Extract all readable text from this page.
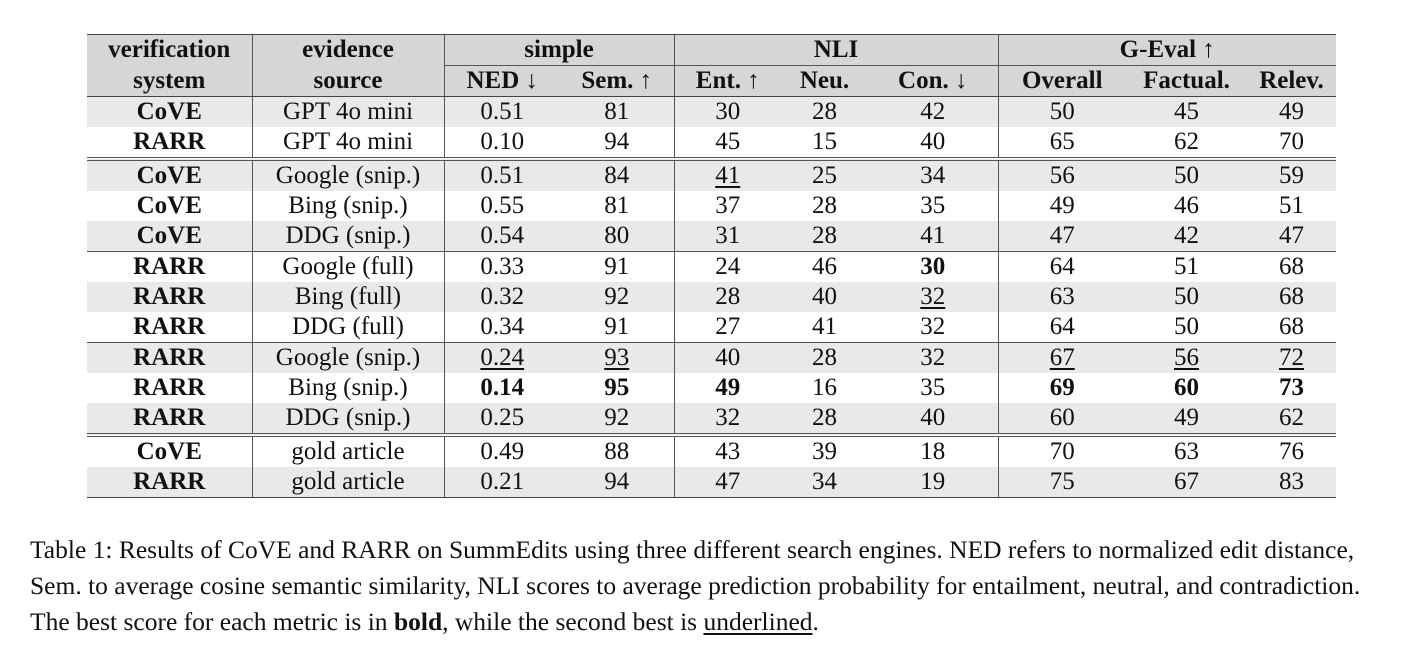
verification	evidence	simple		NLI			G-Eval ↑		
system	source	NED ↓	Sem. ↑	Ent. ↑	Neu.	Con. ↓	Overall	Factual.	Relev.
CoVE	GPT 4o mini	0.51	81	30	28	42	50	45	49
RARR	GPT 4o mini	0.10	94	45	15	40	65	62	70
CoVE	Google (snip.)	0.51	84	41	25	34	56	50	59
CoVE	Bing (snip.)	0.55	81	37	28	35	49	46	51
CoVE	DDG (snip.)	0.54	80	31	28	41	47	42	47
RARR	Google (full)	0.33	91	24	46	30	64	51	68
RARR	Bing (full)	0.32	92	28	40	32	63	50	68
RARR	DDG (full)	0.34	91	27	41	32	64	50	68
RARR	Google (snip.)	0.24	93	40	28	32	67	56	72
RARR	Bing (snip.)	0.14	95	49	16	35	69	60	73
RARR	DDG (snip.)	0.25	92	32	28	40	60	49	62
CoVE	gold article	0.49	88	43	39	18	70	63	76
RARR	gold article	0.21	94	47	34	19	75	67	83

Table 1: Results of CoVE and RARR on SummEdits using three different search engines. NED refers to normalized edit distance, Sem. to average cosine semantic similarity, NLI scores to average prediction probability for entailment, neutral, and contradiction. The best score for each metric is in bold, while the second best is underlined.
